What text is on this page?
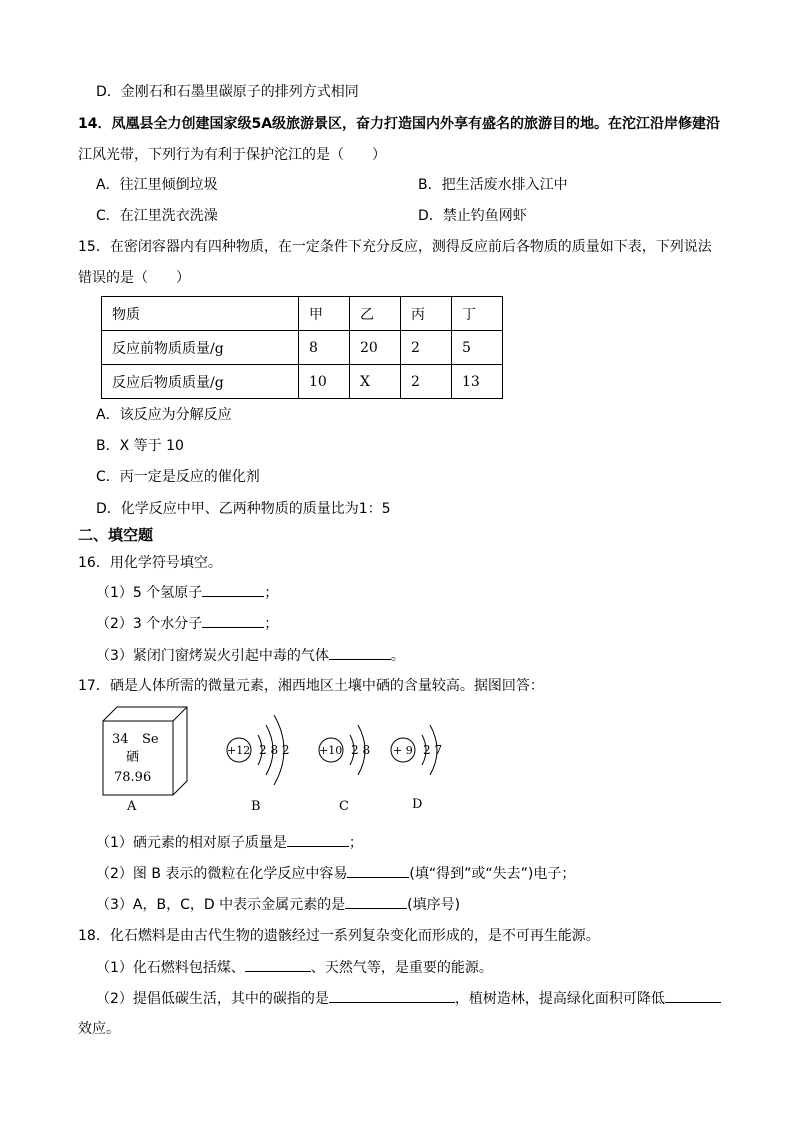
D．金刚石和石墨里碳原子的排列方式相同
14．凤凰县全力创建国家级5A级旅游景区，奋力打造国内外享有盛名的旅游目的地。在沱江沿岸修建沿
江风光带，下列行为有利于保护沱江的是（　　）
A．往江里倾倒垃圾	B．把生活废水排入江中
C．在江里洗衣洗澡	D．禁止钓鱼网虾
15．在密闭容器内有四种物质，在一定条件下充分反应，测得反应前后各物质的质量如下表，下列说法
错误的是（　　）
物质	甲	乙	丙	丁
反应前物质质量/g	8	20	2	5
反应后物质质量/g	10	X	2	13
A．该反应为分解反应
B．X 等于 10
C．丙一定是反应的催化剂
D．化学反应中甲、乙两种物质的质量比为1：5
二、填空题
16．用化学符号填空。
（1）5 个氢原子	；
（2）3 个水分子	；
（3）紧闭门窗烤炭火引起中毒的气体	。
17．硒是人体所需的微量元素，湘西地区土壤中硒的含量较高。据图回答：
34 Se
硒
78.96
+12 2 8 2	+10 2 8 + 9 2 7
A	B	C	D
（1）硒元素的相对原子质量是	；
（2）图 B 表示的微粒在化学反应中容易	(填“得到”或“失去”)电子；
（3）A，B，C，D 中表示金属元素的是	(填序号)
18．化石燃料是由古代生物的遗骸经过一系列复杂变化而形成的，是不可再生能源。
（1）化石燃料包括煤、	、天然气等，是重要的能源。
（2）提倡低碳生活，其中的碳指的是	，植树造林，提高绿化面积可降低
效应。
